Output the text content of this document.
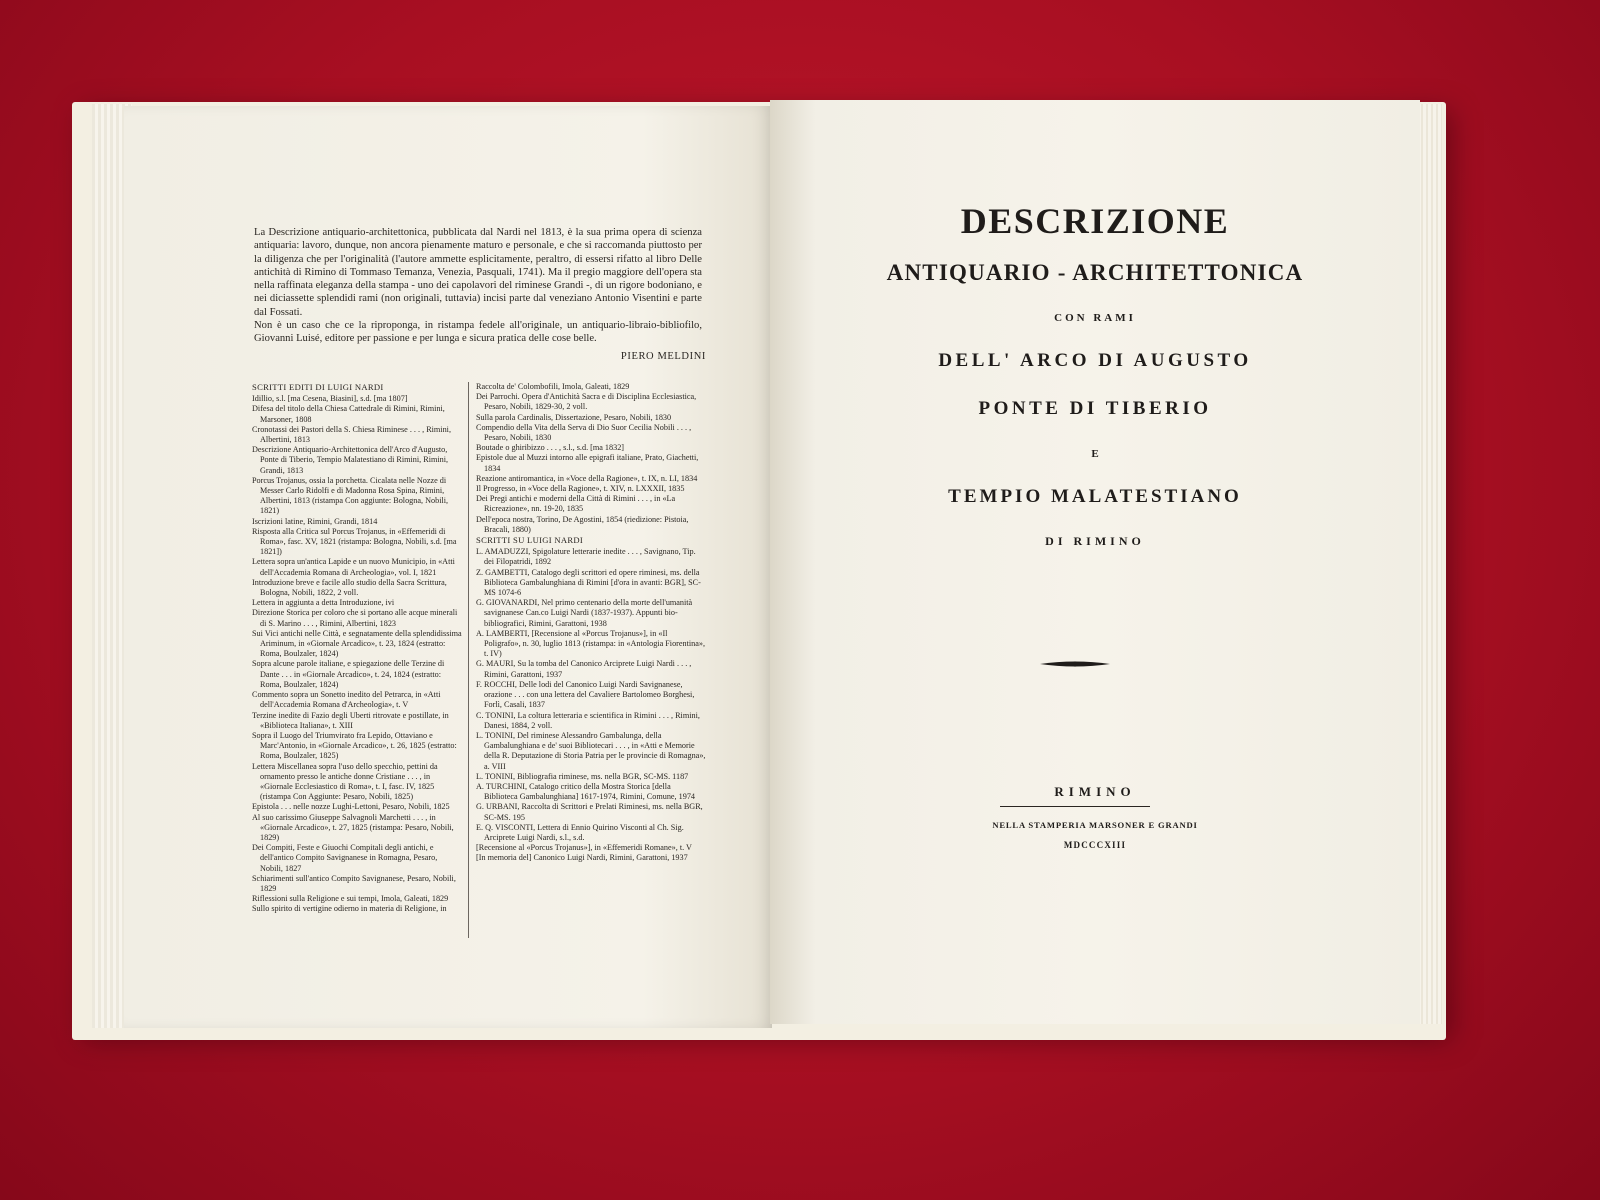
La Descrizione antiquario-architettonica, pubblicata dal Nardi nel 1813, è la sua prima opera di scienza antiquaria: lavoro, dunque, non ancora pienamente maturo e personale, e che si raccomanda piuttosto per la diligenza che per l'originalità (l'autore ammette esplicitamente, peraltro, di essersi rifatto al libro Delle antichità di Rimino di Tommaso Temanza, Venezia, Pasquali, 1741). Ma il pregio maggiore dell'opera sta nella raffinata eleganza della stampa - uno dei capolavori del riminese Grandi -, di un rigore bodoniano, e nei diciassette splendidi rami (non originali, tuttavia) incisi parte dal veneziano Antonio Visentini e parte dal Fossati.

Non è un caso che ce la riproponga, in ristampa fedele all'originale, un antiquario-libraio-bibliofilo, Giovanni Luisé, editore per passione e per lunga e sicura pratica delle cose belle.

PIERO MELDINI
SCRITTI EDITI DI LUIGI NARDI

Idillio, s.l. [ma Cesena, Biasini], s.d. [ma 1807]

Difesa del titolo della Chiesa Cattedrale di Rimini, Rimini, Marsoner, 1808

Cronotassi dei Pastori della S. Chiesa Riminese . . . , Rimini, Albertini, 1813

Descrizione Antiquario-Architettonica dell'Arco d'Augusto, Ponte di Tiberio, Tempio Malatestiano di Rimini, Rimini, Grandi, 1813

Porcus Trojanus, ossia la porchetta. Cicalata nelle Nozze di Messer Carlo Ridolfi e di Madonna Rosa Spina, Rimini, Albertini, 1813 (ristampa Con aggiunte: Bologna, Nobili, 1821)

Iscrizioni latine, Rimini, Grandi, 1814

Risposta alla Critica sul Porcus Trojanus, in «Effemeridi di Roma», fasc. XV, 1821 (ristampa: Bologna, Nobili, s.d. [ma 1821])

Lettera sopra un'antica Lapide e un nuovo Municipio, in «Atti dell'Accademia Romana di Archeologia», vol. I, 1821

Introduzione breve e facile allo studio della Sacra Scrittura, Bologna, Nobili, 1822, 2 voll.

Lettera in aggiunta a detta Introduzione, ivi

Direzione Storica per coloro che si portano alle acque minerali di S. Marino . . . , Rimini, Albertini, 1823

Sui Vici antichi nelle Città, e segnatamente della splendidissima Ariminum, in «Giornale Arcadico», t. 23, 1824 (estratto: Roma, Boulzaler, 1824)

Sopra alcune parole italiane, e spiegazione delle Terzine di Dante . . . in «Giornale Arcadico», t. 24, 1824 (estratto: Roma, Boulzaler, 1824)

Commento sopra un Sonetto inedito del Petrarca, in «Atti dell'Accademia Romana d'Archeologia», t. V

Terzine inedite di Fazio degli Uberti ritrovate e postillate, in «Biblioteca Italiana», t. XIII

Sopra il Luogo del Triumvirato fra Lepido, Ottaviano e Marc'Antonio, in «Giornale Arcadico», t. 26, 1825 (estratto: Roma, Boulzaler, 1825)

Lettera Miscellanea sopra l'uso dello specchio, pettini da ornamento presso le antiche donne Cristiane . . . , in «Giornale Ecclesiastico di Roma», t. I, fasc. IV, 1825 (ristampa Con Aggiunte: Pesaro, Nobili, 1825)

Epistola . . . nelle nozze Lughi-Lettoni, Pesaro, Nobili, 1825

Al suo carissimo Giuseppe Salvagnoli Marchetti . . . , in «Giornale Arcadico», t. 27, 1825 (ristampa: Pesaro, Nobili, 1829)

Dei Compiti, Feste e Giuochi Compitali degli antichi, e dell'antico Compito Savignanese in Romagna, Pesaro, Nobili, 1827

Schiarimenti sull'antico Compito Savignanese, Pesaro, Nobili, 1829

Riflessioni sulla Religione e sui tempi, Imola, Galeati, 1829

Sullo spirito di vertigine odierno in materia di Religione, in

Raccolta de' Colombofili, Imola, Galeati, 1829

Dei Parrochi. Opera d'Antichità Sacra e di Disciplina Ecclesiastica, Pesaro, Nobili, 1829-30, 2 voll.

Sulla parola Cardinalis, Dissertazione, Pesaro, Nobili, 1830

Compendio della Vita della Serva di Dio Suor Cecilia Nobili . . . , Pesaro, Nobili, 1830

Boutade o ghiribizzo . . . , s.l., s.d. [ma 1832]

Epistole due al Muzzi intorno alle epigrafi italiane, Prato, Giachetti, 1834

Reazione antiromantica, in «Voce della Ragione», t. IX, n. LI, 1834

Il Progresso, in «Voce della Ragione», t. XIV, n. LXXXII, 1835

Dei Pregi antichi e moderni della Città di Rimini . . . , in «La Ricreazione», nn. 19-20, 1835

Dell'epoca nostra, Torino, De Agostini, 1854 (riedizione: Pistoia, Bracali, 1880)

SCRITTI SU LUIGI NARDI

L. AMADUZZI, Spigolature letterarie inedite . . . , Savignano, Tip. dei Filopatridi, 1892

Z. GAMBETTI, Catalogo degli scrittori ed opere riminesi, ms. della Biblioteca Gambalunghiana di Rimini [d'ora in avanti: BGR], SC-MS 1074-6

G. GIOVANARDI, Nel primo centenario della morte dell'umanità savignanese Can.co Luigi Nardi (1837-1937). Appunti bio-bibliografici, Rimini, Garattoni, 1938

A. LAMBERTI, [Recensione al «Porcus Trojanus»], in «Il Poligrafo», n. 30, luglio 1813 (ristampa: in «Antologia Fiorentina», t. IV)

G. MAURI, Su la tomba del Canonico Arciprete Luigi Nardi . . . , Rimini, Garattoni, 1937

F. ROCCHI, Delle lodi del Canonico Luigi Nardi Savignanese, orazione . . . con una lettera del Cavaliere Bartolomeo Borghesi, Forlì, Casali, 1837

C. TONINI, La coltura letteraria e scientifica in Rimini . . . , Rimini, Danesi, 1884, 2 voll.

L. TONINI, Del riminese Alessandro Gambalunga, della Gambalunghiana e de' suoi Bibliotecari . . . , in «Atti e Memorie della R. Deputazione di Storia Patria per le provincie di Romagna», a. VIII

L. TONINI, Bibliografia riminese, ms. nella BGR, SC-MS. 1187

A. TURCHINI, Catalogo critico della Mostra Storica [della Biblioteca Gambalunghiana] 1617-1974, Rimini, Comune, 1974

G. URBANI, Raccolta di Scrittori e Prelati Riminesi, ms. nella BGR, SC-MS. 195

E. Q. VISCONTI, Lettera di Ennio Quirino Visconti al Ch. Sig. Arciprete Luigi Nardi, s.l., s.d.

[Recensione al «Porcus Trojanus»], in «Effemeridi Romane», t. V

[In memoria del] Canonico Luigi Nardi, Rimini, Garattoni, 1937

DESCRIZIONE
ANTIQUARIO - ARCHITETTONICA
CON RAMI
DELL' ARCO DI AUGUSTO
PONTE DI TIBERIO
E
TEMPIO MALATESTIANO
DI RIMINO
RIMINO
NELLA STAMPERIA MARSONER E GRANDI
MDCCCXIII
